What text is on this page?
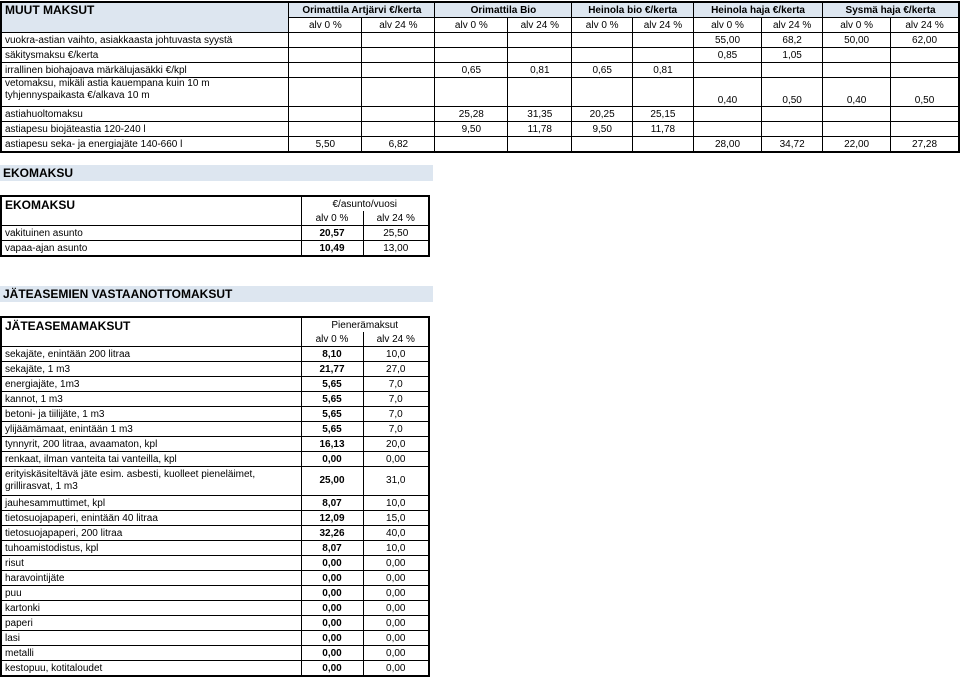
MUUT MAKSUT	Orimattila Artjärvi €/kerta		Orimattila Bio		Heinola bio €/kerta		Heinola haja €/kerta		Sysmä haja €/kerta	
	alv 0 %	alv 24 %	alv 0 %	alv 24 %	alv 0 %	alv 24 %	alv 0 %	alv 24 %	alv 0 %	alv 24 %
vuokra-astian vaihto, asiakkaasta johtuvasta syystä							55,00	68,2	50,00	62,00
säkitysmaksu €/kerta							0,85	1,05		
irrallinen biohajoava märkälujasäkki €/kpl			0,65	0,81	0,65	0,81				
vetomaksu, mikäli astia kauempana kuin 10 m tyhjennyspaikasta €/alkava 10 m							0,40	0,50	0,40	0,50
astiahuoltomaksu			25,28	31,35	20,25	25,15				
astiapesu biojäteastia 120-240 l			9,50	11,78	9,50	11,78				
astiapesu seka- ja energiajäte 140-660 l	5,50	6,82					28,00	34,72	22,00	27,28
EKOMAKSU
EKOMAKSU	€/asunto/vuosi	
	alv 0 %	alv 24 %
vakituinen asunto	20,57	25,50
vapaa-ajan asunto	10,49	13,00
JÄTEASEMIEN VASTAANOTTOMAKSUT
JÄTEASEMAMAKSUT	Pienerämaksut	
	alv 0 %	alv 24 %
sekajäte, enintään 200 litraa	8,10	10,0
sekajäte, 1 m3	21,77	27,0
energiajäte, 1m3	5,65	7,0
kannot, 1 m3	5,65	7,0
betoni- ja tiilijäte, 1 m3	5,65	7,0
ylijäämämaat, enintään 1 m3	5,65	7,0
tynnyrit, 200 litraa, avaamaton, kpl	16,13	20,0
renkaat, ilman vanteita tai vanteilla, kpl	0,00	0,00
erityiskäsiteltävä jäte esim. asbesti, kuolleet pieneläimet, grillirasvat, 1 m3	25,00	31,0
jauhesammuttimet, kpl	8,07	10,0
tietosuojapaperi, enintään 40 litraa	12,09	15,0
tietosuojapaperi, 200 litraa	32,26	40,0
tuhoamistodistus, kpl	8,07	10,0
risut	0,00	0,00
haravointijäte	0,00	0,00
puu	0,00	0,00
kartonki	0,00	0,00
paperi	0,00	0,00
lasi	0,00	0,00
metalli	0,00	0,00
kestopuu, kotitaloudet	0,00	0,00
